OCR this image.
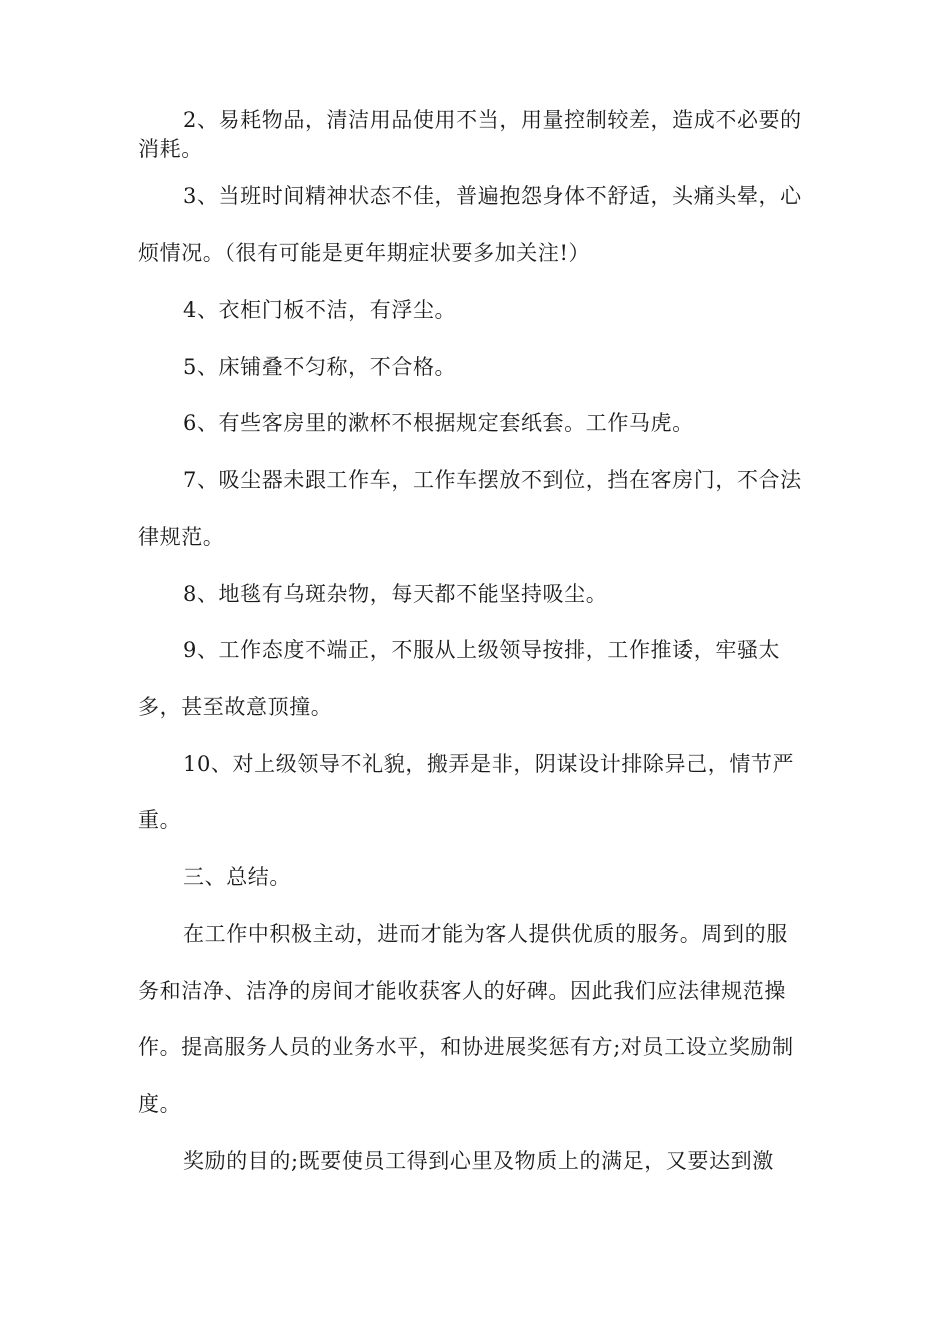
2、易耗物品，清洁用品使用不当，用量控制较差，造成不必要的
消耗。
3、当班时间精神状态不佳，普遍抱怨身体不舒适，头痛头晕，心
烦情况。（很有可能是更年期症状要多加关注!）
4、衣柜门板不洁，有浮尘。
5、床铺叠不匀称，不合格。
6、有些客房里的漱杯不根据规定套纸套。工作马虎。
7、吸尘器未跟工作车，工作车摆放不到位，挡在客房门，不合法
律规范。
8、地毯有乌斑杂物，每天都不能坚持吸尘。
9、工作态度不端正，不服从上级领导按排，工作推诿，牢骚太
多，甚至故意顶撞。
10、对上级领导不礼貌，搬弄是非，阴谋设计排除异己，情节严
重。
三、总结。
在工作中积极主动，进而才能为客人提供优质的服务。周到的服
务和洁净、洁净的房间才能收获客人的好碑。因此我们应法律规范操
作。提高服务人员的业务水平，和协进展奖惩有方;对员工设立奖励制
度。
奖励的目的;既要使员工得到心里及物质上的满足，又要达到激
